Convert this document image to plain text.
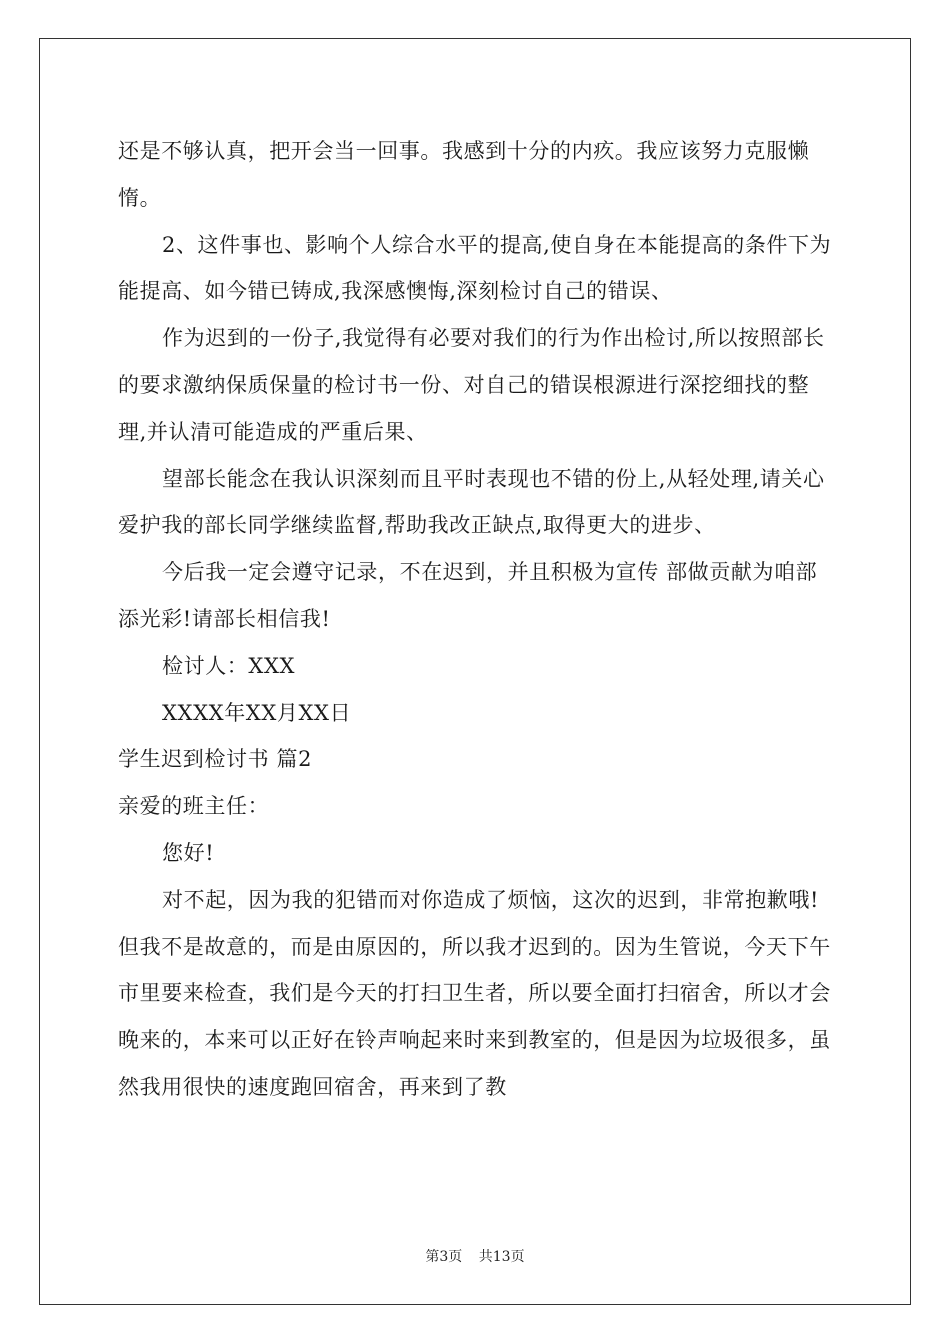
还是不够认真，把开会当一回事。我感到十分的内疚。我应该努力克服懒惰。

2、这件事也、影响个人综合水平的提高,使自身在本能提高的条件下为能提高、如今错已铸成,我深感懊悔,深刻检讨自己的错误、

作为迟到的一份子,我觉得有必要对我们的行为作出检讨,所以按照部长的要求激纳保质保量的检讨书一份、对自己的错误根源进行深挖细找的整理,并认清可能造成的严重后果、

望部长能念在我认识深刻而且平时表现也不错的份上,从轻处理,请关心爱护我的部长同学继续监督,帮助我改正缺点,取得更大的进步、

今后我一定会遵守记录，不在迟到，并且积极为宣传 部做贡献为咱部添光彩!请部长相信我!

检讨人：XXX

XXXX年XX月XX日

学生迟到检讨书 篇2

亲爱的班主任：

您好!

对不起，因为我的犯错而对你造成了烦恼，这次的迟到，非常抱歉哦!但我不是故意的，而是由原因的，所以我才迟到的。因为生管说，今天下午市里要来检查，我们是今天的打扫卫生者，所以要全面打扫宿舍，所以才会晚来的，本来可以正好在铃声响起来时来到教室的，但是因为垃圾很多，虽然我用很快的速度跑回宿舍，再来到了教

第3页 共13页
